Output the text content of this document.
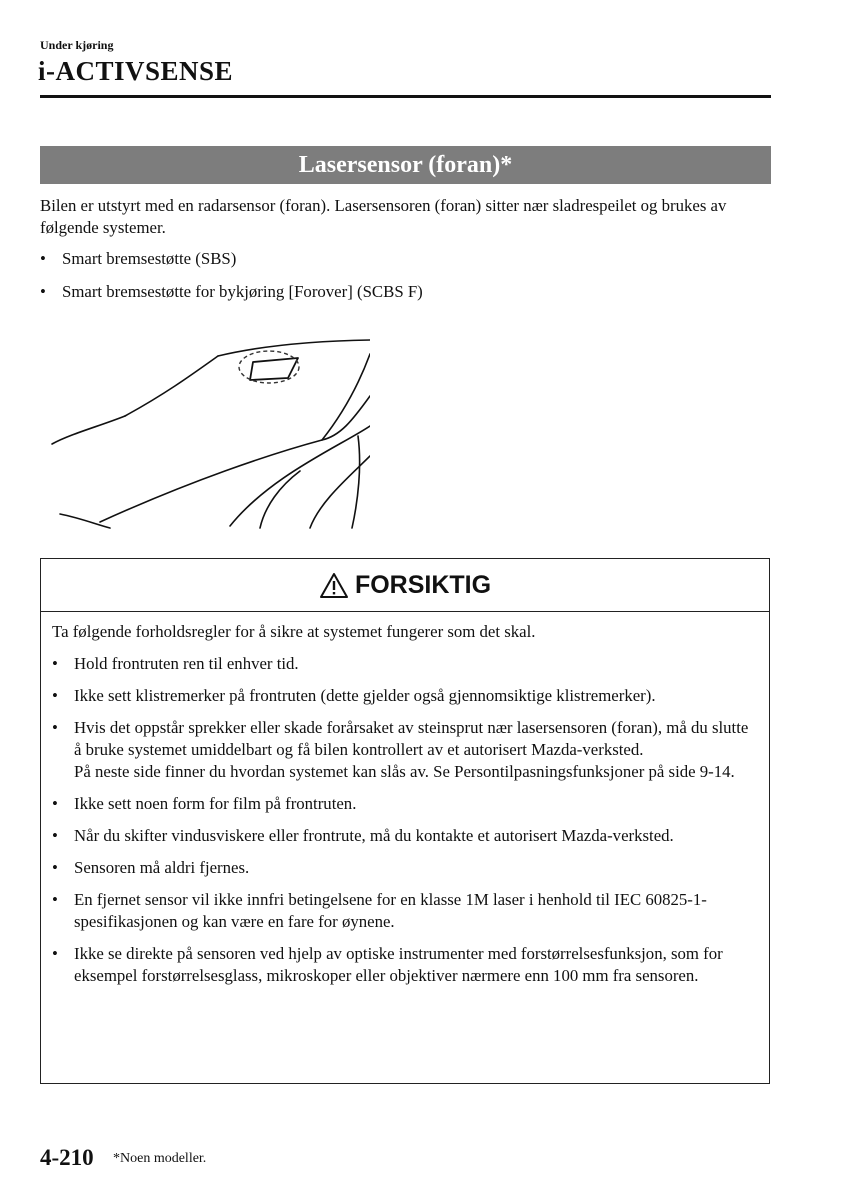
Under kjøring
i-ACTIVSENSE
Lasersensor (foran)*
Bilen er utstyrt med en radarsensor (foran). Lasersensoren (foran) sitter nær sladrespeilet og brukes av følgende systemer.
• Smart bremsestøtte (SBS)
• Smart bremsestøtte for bykjøring [Forover] (SCBS F)
FORSIKTIG
Ta følgende forholdsregler for å sikre at systemet fungerer som det skal.
• Hold frontruten ren til enhver tid.
• Ikke sett klistremerker på frontruten (dette gjelder også gjennomsiktige klistremerker).
• Hvis det oppstår sprekker eller skade forårsaket av steinsprut nær lasersensoren (foran), må du slutte å bruke systemet umiddelbart og få bilen kontrollert av et autorisert Mazda-verksted.
På neste side finner du hvordan systemet kan slås av. Se Persontilpasningsfunksjoner på side 9-14.
• Ikke sett noen form for film på frontruten.
• Når du skifter vindusviskere eller frontrute, må du kontakte et autorisert Mazda-verksted.
• Sensoren må aldri fjernes.
• En fjernet sensor vil ikke innfri betingelsene for en klasse 1M laser i henhold til IEC 60825-1-spesifikasjonen og kan være en fare for øynene.
• Ikke se direkte på sensoren ved hjelp av optiske instrumenter med forstørrelsesfunksjon, som for eksempel forstørrelsesglass, mikroskoper eller objektiver nærmere enn 100 mm fra sensoren.
4-210 *Noen modeller.
